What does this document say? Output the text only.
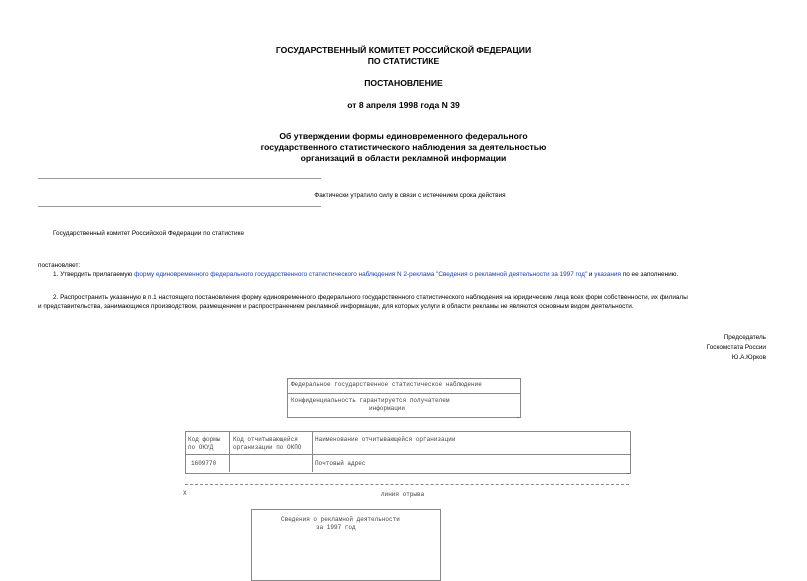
ГОСУДАРСТВЕННЫЙ КОМИТЕТ РОССИЙСКОЙ ФЕДЕРАЦИИ
ПО СТАТИСТИКЕ
ПОСТАНОВЛЕНИЕ
от 8 апреля 1998 года N 39
Об утверждении формы единовременного федерального
государственного статистического наблюдения за деятельностью
организаций в области рекламной информации
Фактически утратило силу в связи с истечением срока действия
Государственный комитет Российской Федерации по статистике
постановляет:
1. Утвердить прилагаемую форму единовременного федерального государственного статистического наблюдения N 2-реклама "Сведения о рекламной деятельности за 1997 год" и указания по ее заполнению.
2. Распространить указанную в п.1 настоящего постановления форму единовременного федерального государственного статистического наблюдения на юридические лица всех форм собственности, их филиалы
и представительства, занимающиеся производством, размещением и распространением рекламной информации, для которых услуги в области рекламы не являются основным видом деятельности.
Председатель
Госкомстата России
Ю.А.Юрков
Федеральное государственное статистическое наблюдение
Конфиденциальность гарантируется получателем
информации
–
Код формы
по ОКУД
Код отчитывающейся
организации по ОКПО
Наименование отчитывающейся организации
1609770	Почтовый адрес
–
X	линия отрыва
Сведения о рекламной деятельности
за 1997 год
